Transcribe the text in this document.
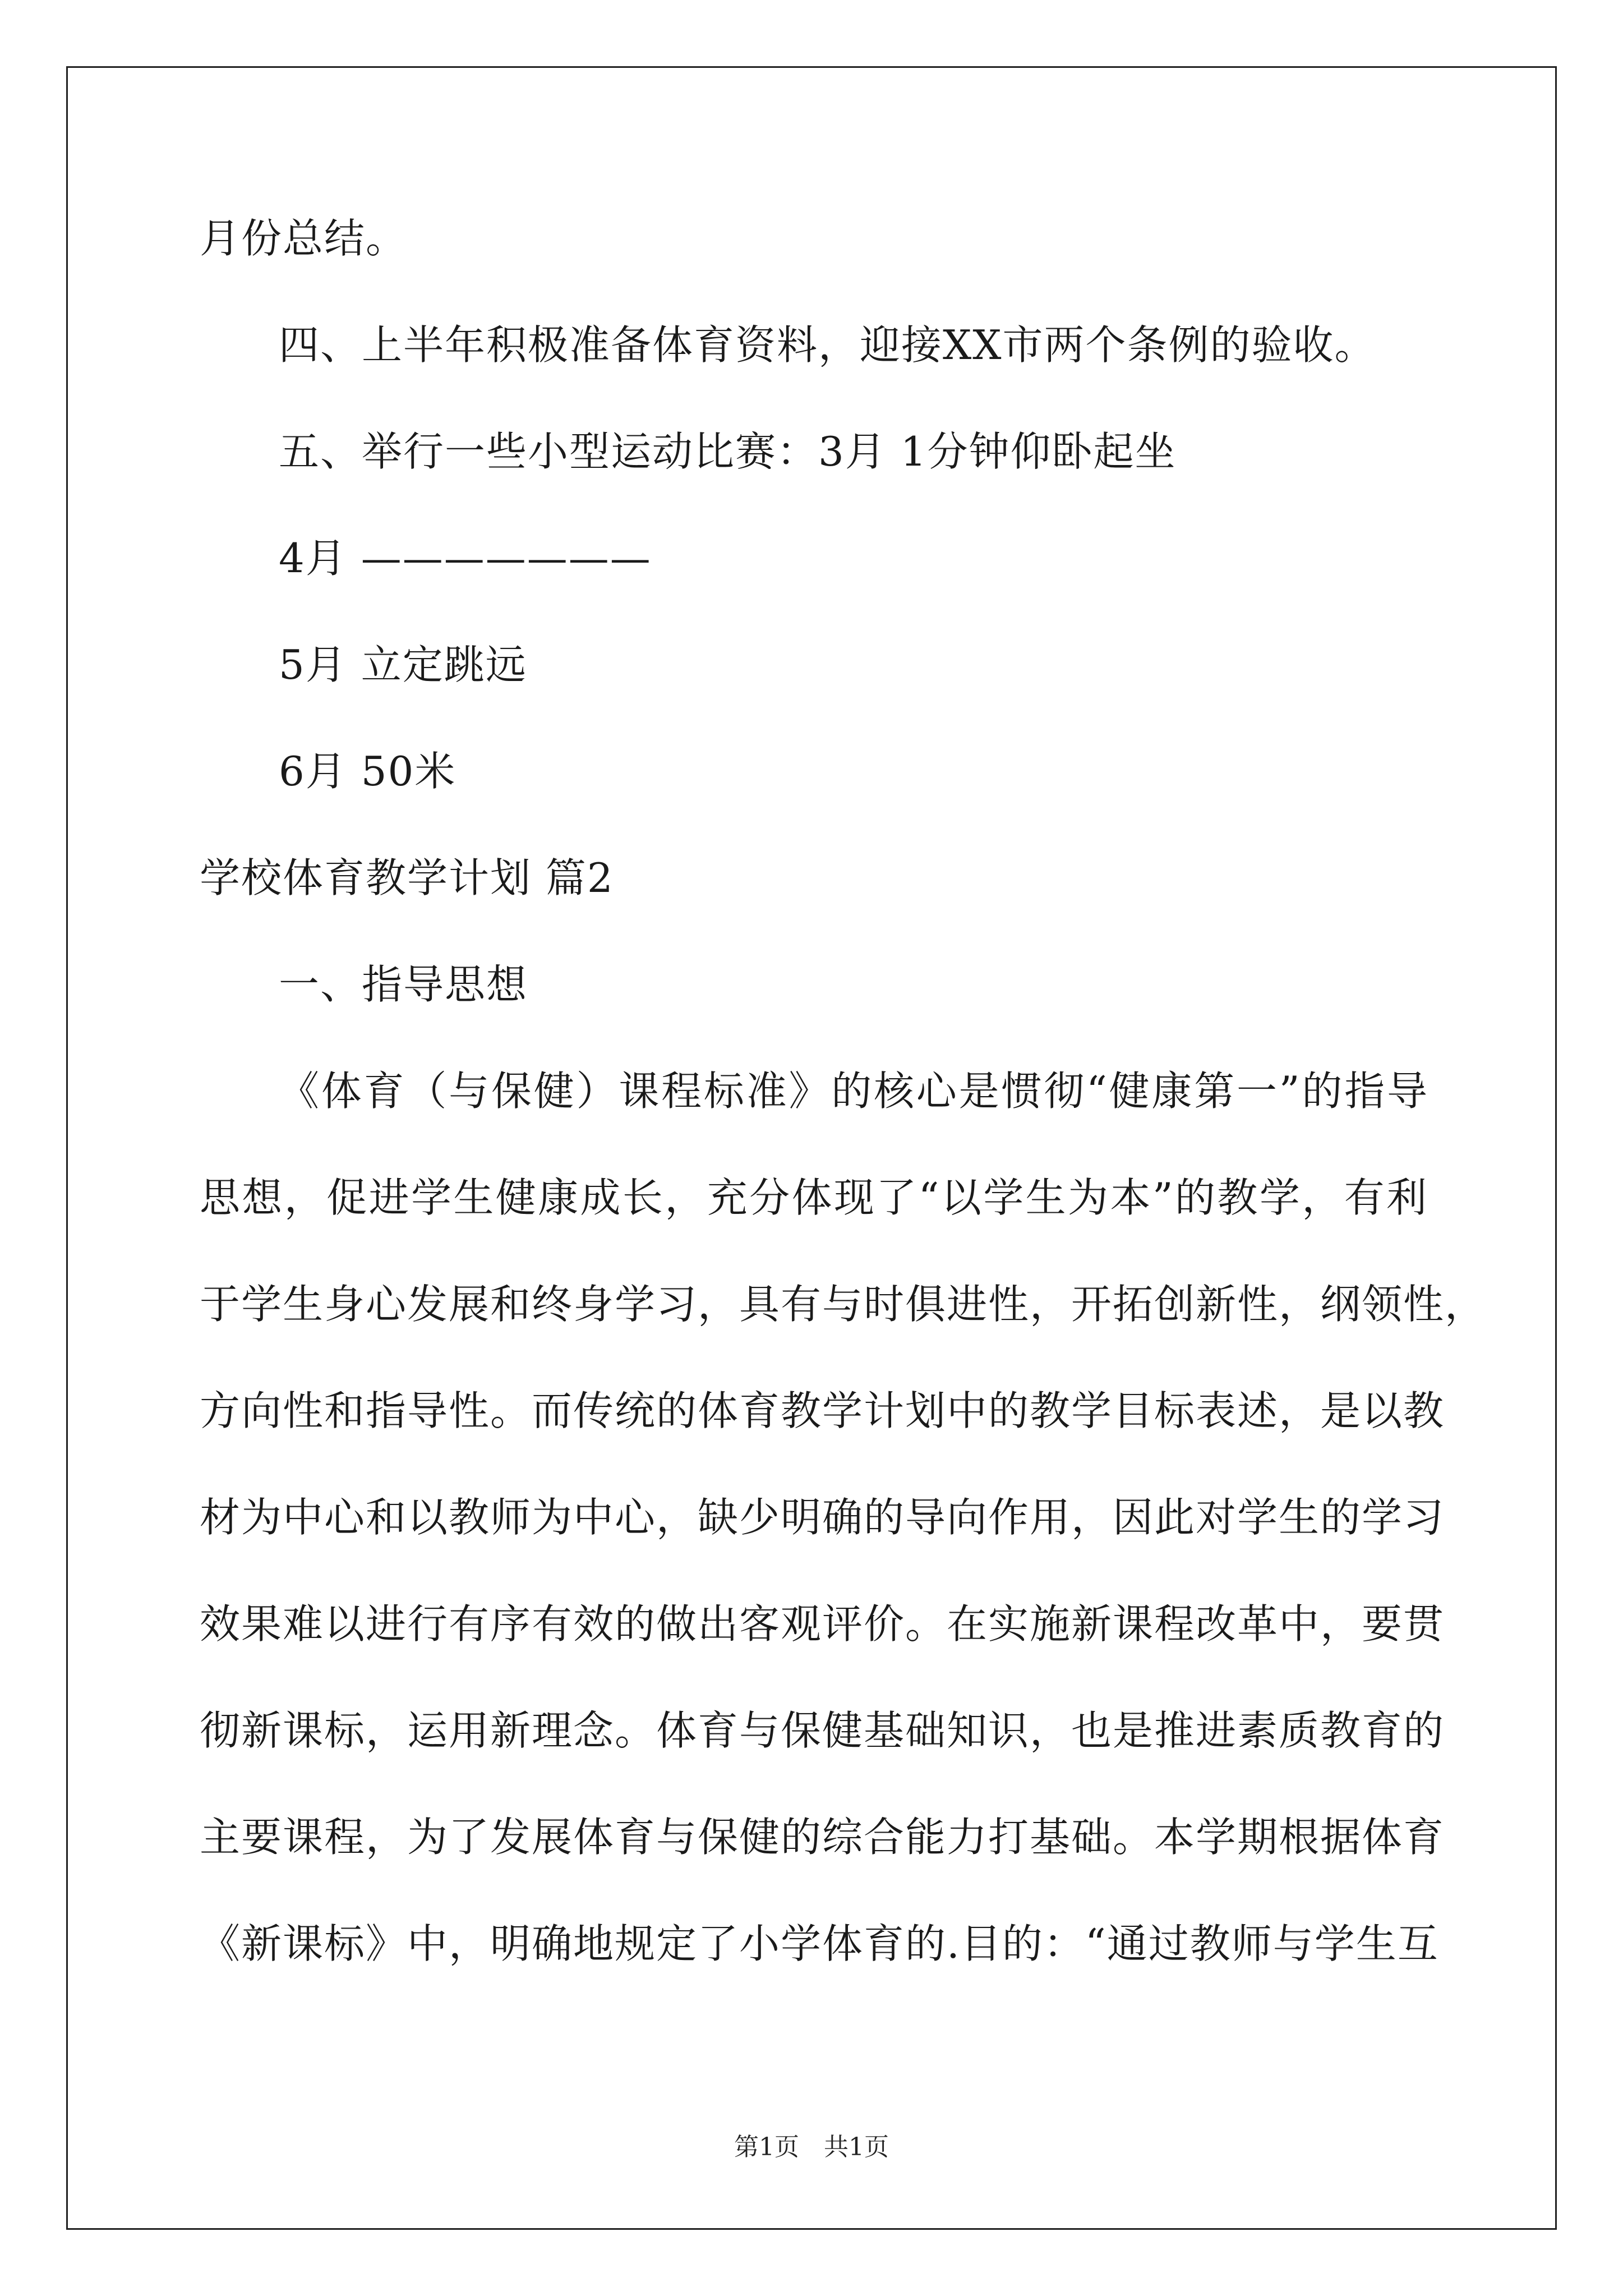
月份总结。
四、上半年积极准备体育资料，迎接XX市两个条例的验收。
五、举行一些小型运动比赛：3月 1分钟仰卧起坐
4月 ———————
5月 立定跳远
6月 50米
学校体育教学计划 篇2
一、指导思想
《体育（与保健）课程标准》的核心是惯彻“健康第一”的指导
思想，促进学生健康成长，充分体现了“以学生为本”的教学，有利
于学生身心发展和终身学习，具有与时俱进性，开拓创新性，纲领性，
方向性和指导性。而传统的体育教学计划中的教学目标表述，是以教
材为中心和以教师为中心，缺少明确的导向作用，因此对学生的学习
效果难以进行有序有效的做出客观评价。在实施新课程改革中，要贯
彻新课标，运用新理念。体育与保健基础知识，也是推进素质教育的
主要课程，为了发展体育与保健的综合能力打基础。本学期根据体育
《新课标》中，明确地规定了小学体育的.目的：“通过教师与学生互
第1页　共1页
